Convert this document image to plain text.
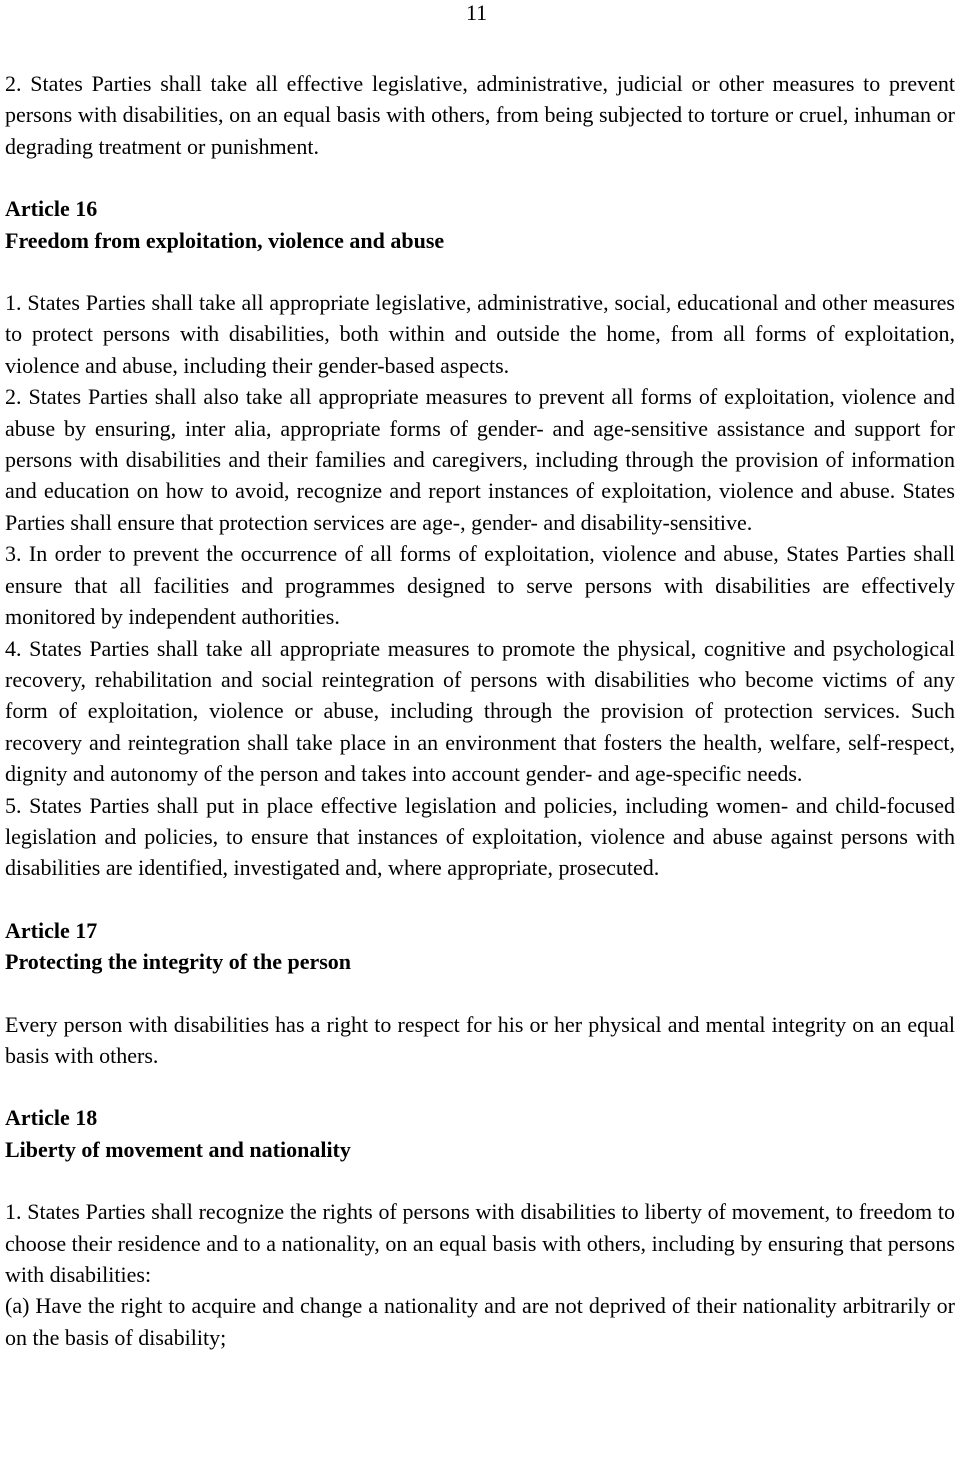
11

2. States Parties shall take all effective legislative, administrative, judicial or other measures to prevent persons with disabilities, on an equal basis with others, from being subjected to torture or cruel, inhuman or degrading treatment or punishment.

Article 16
Freedom from exploitation, violence and abuse

1. States Parties shall take all appropriate legislative, administrative, social, educational and other measures to protect persons with disabilities, both within and outside the home, from all forms of exploitation, violence and abuse, including their gender-based aspects.

2. States Parties shall also take all appropriate measures to prevent all forms of exploitation, violence and abuse by ensuring, inter alia, appropriate forms of gender- and age-sensitive assistance and support for persons with disabilities and their families and caregivers, including through the provision of information and education on how to avoid, recognize and report instances of exploitation, violence and abuse. States Parties shall ensure that protection services are age-, gender- and disability-sensitive.

3. In order to prevent the occurrence of all forms of exploitation, violence and abuse, States Parties shall ensure that all facilities and programmes designed to serve persons with disabilities are effectively monitored by independent authorities.

4. States Parties shall take all appropriate measures to promote the physical, cognitive and psychological recovery, rehabilitation and social reintegration of persons with disabilities who become victims of any form of exploitation, violence or abuse, including through the provision of protection services. Such recovery and reintegration shall take place in an environment that fosters the health, welfare, self-respect, dignity and autonomy of the person and takes into account gender- and age-specific needs.

5. States Parties shall put in place effective legislation and policies, including women- and child-focused legislation and policies, to ensure that instances of exploitation, violence and abuse against persons with disabilities are identified, investigated and, where appropriate, prosecuted.

Article 17
Protecting the integrity of the person

Every person with disabilities has a right to respect for his or her physical and mental integrity on an equal basis with others.

Article 18
Liberty of movement and nationality

1. States Parties shall recognize the rights of persons with disabilities to liberty of movement, to freedom to choose their residence and to a nationality, on an equal basis with others, including by ensuring that persons with disabilities:

(a) Have the right to acquire and change a nationality and are not deprived of their nationality arbitrarily or on the basis of disability;
